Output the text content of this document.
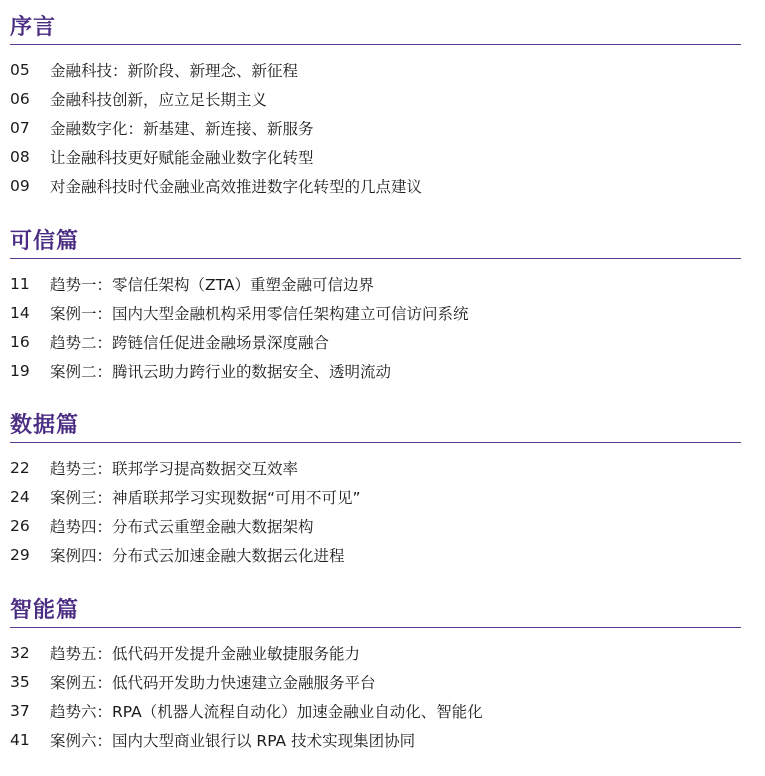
序言
05	金融科技：新阶段、新理念、新征程
06	金融科技创新，应立足长期主义
07	金融数字化：新基建、新连接、新服务
08	让金融科技更好赋能金融业数字化转型
09	对金融科技时代金融业高效推进数字化转型的几点建议
可信篇
11	趋势一：零信任架构（ZTA）重塑金融可信边界
14	案例一：国内大型金融机构采用零信任架构建立可信访问系统
16	趋势二：跨链信任促进金融场景深度融合
19	案例二：腾讯云助力跨行业的数据安全、透明流动
数据篇
22	趋势三：联邦学习提高数据交互效率
24	案例三：神盾联邦学习实现数据“可用不可见”
26	趋势四：分布式云重塑金融大数据架构
29	案例四：分布式云加速金融大数据云化进程
智能篇
32	趋势五：低代码开发提升金融业敏捷服务能力
35	案例五：低代码开发助力快速建立金融服务平台
37	趋势六：RPA（机器人流程自动化）加速金融业自动化、智能化
41	案例六：国内大型商业银行以 RPA 技术实现集团协同
